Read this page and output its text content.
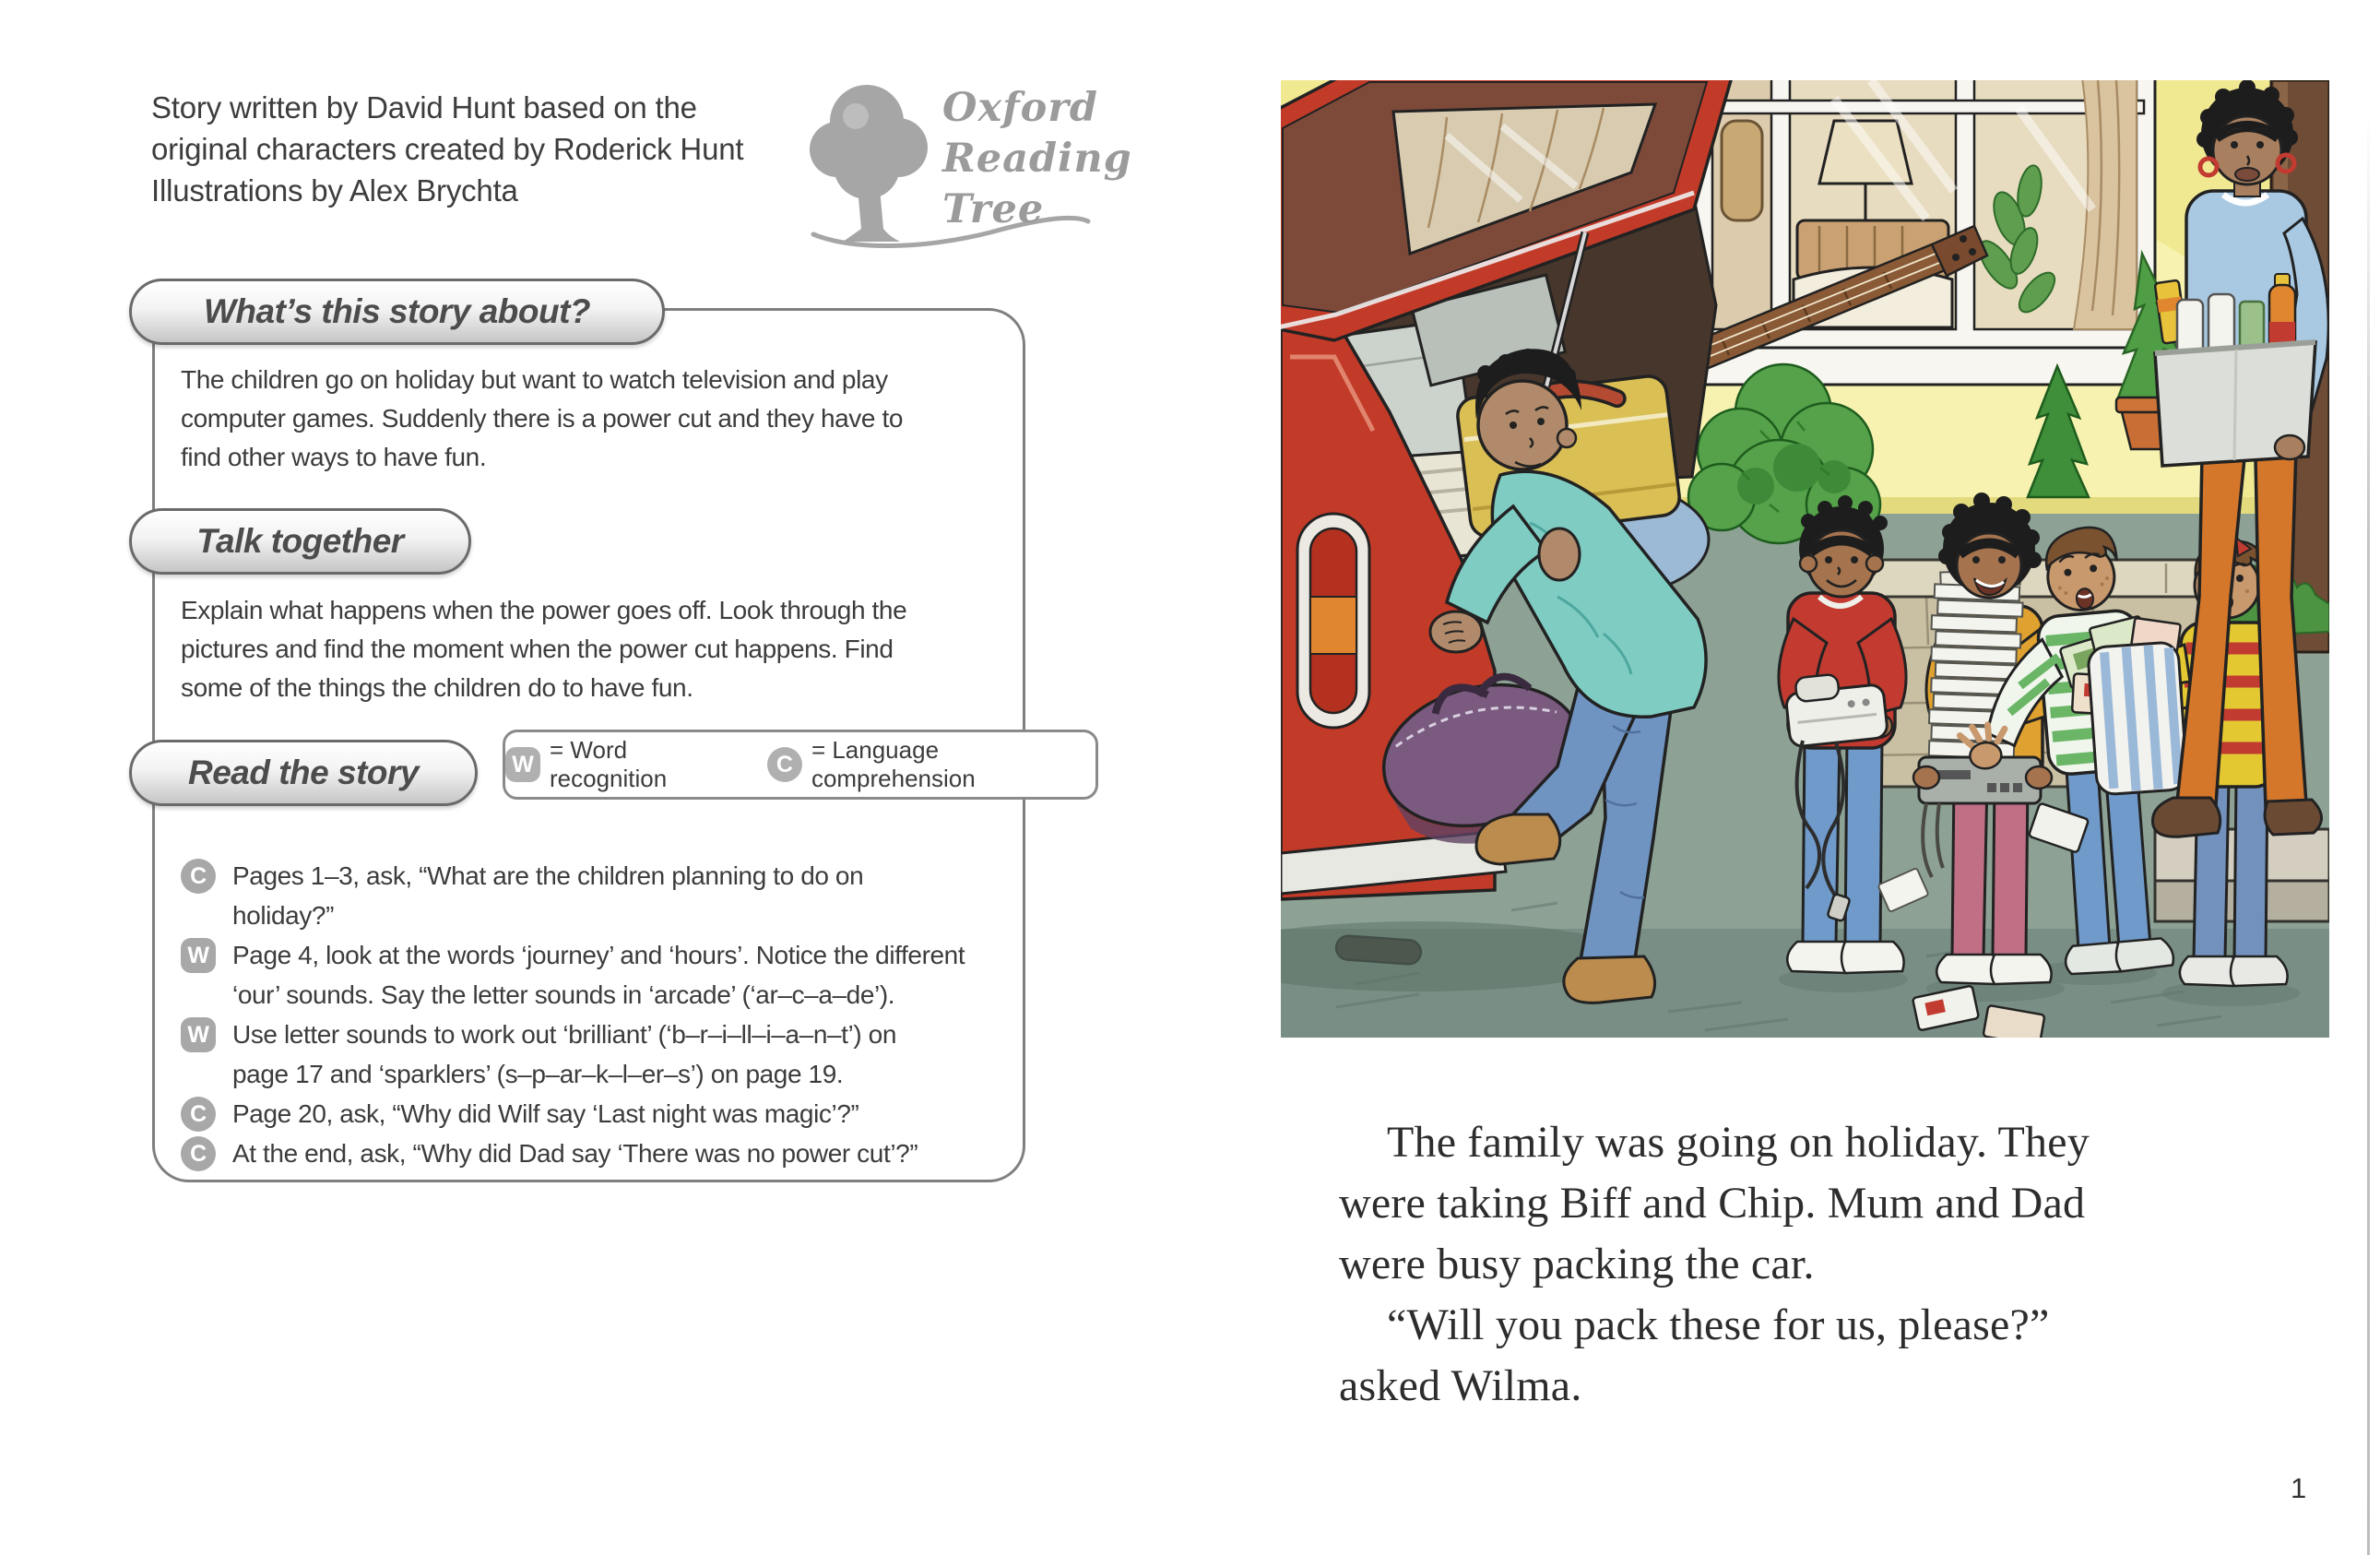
Story written by David Hunt based on the
original characters created by Roderick Hunt
Illustrations by Alex Brychta
Oxford
Reading
Tree
What’s this story about?
The children go on holiday but want to watch television and play
computer games. Suddenly there is a power cut and they have to
find other ways to have fun.
Talk together
Explain what happens when the power goes off. Look through the
pictures and find the moment when the power cut happens. Find
some of the things the children do to have fun.
Read the story	W
= Word recognition	C
= Language comprehension
C	Pages 1–3, ask, “What are the children planning to do on
holiday?”
W Page 4, look at the words ‘journey’ and ‘hours’. Notice the different
‘our’ sounds. Say the letter sounds in ‘arcade’ (‘ar–c–a–de’).
W Use letter sounds to work out ‘brilliant’ (‘b–r–i–ll–i–a–n–t’) on
page 17 and ‘sparklers’ (s–p–ar–k–l–er–s’) on page 19.
C	Page 20, ask, “Why did Wilf say ‘Last night was magic’?”
C	At the end, ask, “Why did Dad say ‘There was no power cut’?”	The family was going on holiday. They
were taking Biff and Chip. Mum and Dad
were busy packing the car.
“Will you pack these for us, please?”
asked Wilma.
1
